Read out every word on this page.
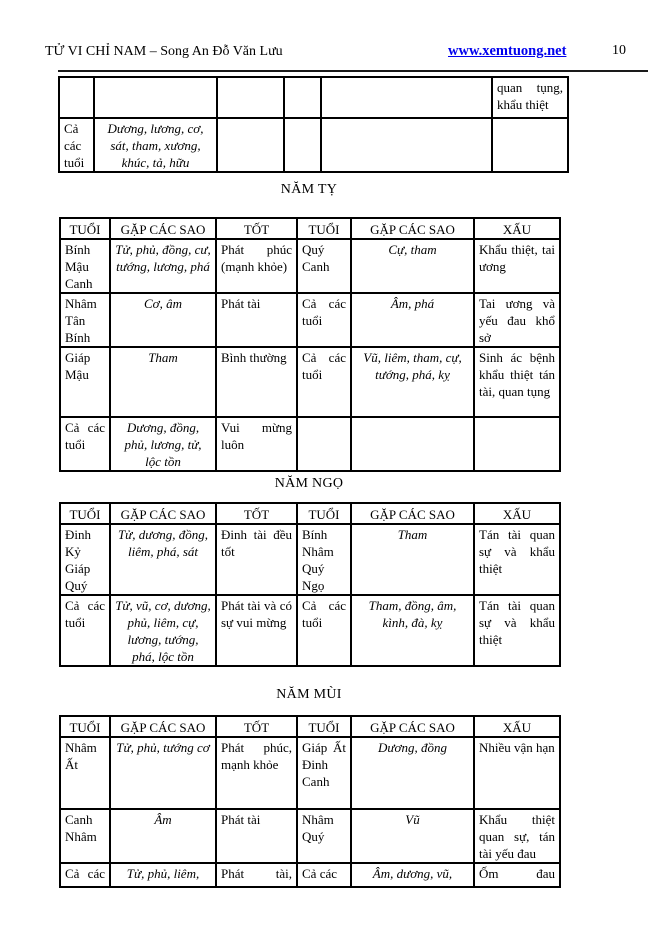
TỬ VI CHỈ NAM – Song An Đỗ Văn Lưu	www.xemtuong.net	10
					quan tụng, khẩu thiệt
Cả các tuổi	Dương, lương, cơ, sát, tham, xương, khúc, tả, hữu				
NĂM TỴ
TUỔI	GẶP CÁC SAO	TỐT	TUỔI	GẶP CÁC SAO	XẤU
Bính Mậu Canh	Tử, phủ, đồng, cư, tướng, lương, phá	Phát phúc (mạnh khỏe)	Quý Canh	Cự, tham	Khẩu thiệt, tai ương
Nhâm Tân Bính	Cơ, âm	Phát tài	Cả các tuổi	Âm, phá	Tai ương và yếu đau khổ sở
Giáp Mậu	Tham	Bình thường	Cả các tuổi	Vũ, liêm, tham, cự, tướng, phá, kỵ	Sinh ác bệnh khẩu thiệt tán tài, quan tụng
Cả các tuổi	Dương, đồng, phủ, lương, tử, lộc tồn	Vui mừng luôn			
NĂM NGỌ
TUỔI	GẶP CÁC SAO	TỐT	TUỔI	GẶP CÁC SAO	XẤU
Đinh Kỷ Giáp Quý	Tử, dương, đồng, liêm, phá, sát	Đinh tài đều tốt	Bính Nhâm Quý Ngọ	Tham	Tán tài quan sự và khẩu thiệt
Cả các tuổi	Tử, vũ, cơ, dương, phủ, liêm, cự, lương, tướng, phá, lộc tồn	Phát tài và có sự vui mừng	Cả các tuổi	Tham, đồng, âm, kình, đà, kỵ	Tán tài quan sự và khẩu thiệt
NĂM MÙI
TUỔI	GẶP CÁC SAO	TỐT	TUỔI	GẶP CÁC SAO	XẤU
Nhâm Ất	Tử, phủ, tướng cơ	Phát phúc, mạnh khỏe	Giáp Ất Đinh Canh	Dương, đồng	Nhiều vận hạn
Canh Nhâm	Âm	Phát tài	Nhâm Quý	Vũ	Khẩu thiệt quan sự, tán tài yếu đau
Cả các	Tử, phủ, liêm,	Phát tài,	Cả các	Âm, dương, vũ,	Ốm đau
